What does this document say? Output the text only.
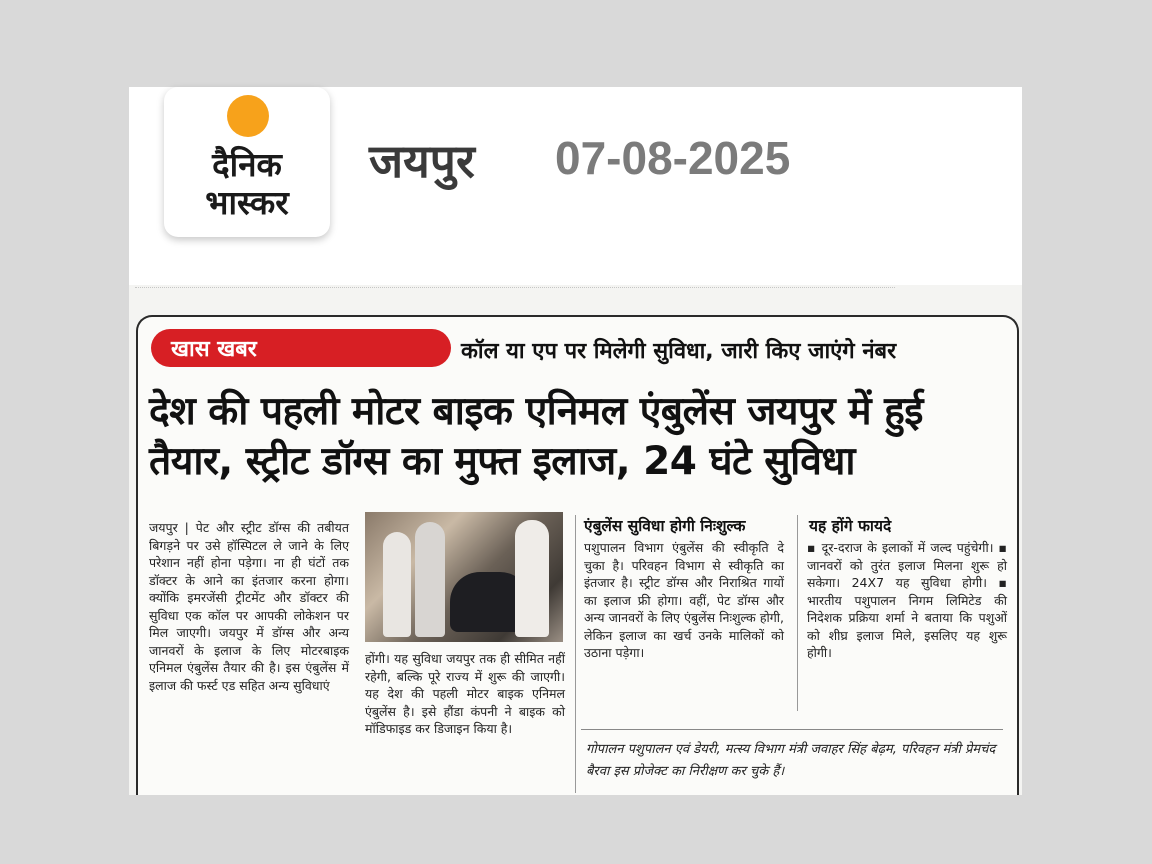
दैनिक
भास्कर
जयपुर 07-08-2025
खास खबर	कॉल या एप पर मिलेगी सुविधा, जारी किए जाएंगे नंबर
देश की पहली मोटर बाइक एनिमल एंबुलेंस जयपुर में हुई तैयार, स्ट्रीट डॉग्स का मुफ्त इलाज, 24 घंटे सुविधा
जयपुर | पेट और स्ट्रीट डॉग्स की तबीयत बिगड़ने पर उसे हॉस्पिटल ले जाने के लिए परेशान नहीं होना पड़ेगा। ना ही घंटों तक डॉक्टर के आने का इंतजार करना होगा। क्योंकि इमरजेंसी ट्रीटमेंट और डॉक्टर की सुविधा एक कॉल पर आपकी लोकेशन पर मिल जाएगी। जयपुर में डॉग्स और अन्य जानवरों के इलाज के लिए मोटरबाइक एनिमल एंबुलेंस तैयार की है। इस एंबुलेंस में इलाज की फर्स्ट एड सहित अन्य सुविधाएं
होंगी। यह सुविधा जयपुर तक ही सीमित नहीं रहेगी, बल्कि पूरे राज्य में शुरू की जाएगी। यह देश की पहली मोटर बाइक एनिमल एंबुलेंस है। इसे हौंडा कंपनी ने बाइक को मॉडिफाइड कर डिजाइन किया है।
एंबुलेंस सुविधा होगी निःशुल्क
पशुपालन विभाग एंबुलेंस की स्वीकृति दे चुका है। परिवहन विभाग से स्वीकृति का इंतजार है। स्ट्रीट डॉग्स और निराश्रित गायों का इलाज फ्री होगा। वहीं, पेट डॉग्स और अन्य जानवरों के लिए एंबुलेंस निःशुल्क होगी, लेकिन इलाज का खर्च उनके मालिकों को उठाना पड़ेगा।
यह होंगे फायदे
▪ दूर-दराज के इलाकों में जल्द पहुंचेगी। ▪ जानवरों को तुरंत इलाज मिलना शुरू हो सकेगा। 24X7 यह सुविधा होगी। ▪ भारतीय पशुपालन निगम लिमिटेड की निदेशक प्रक्रिया शर्मा ने बताया कि पशुओं को शीघ्र इलाज मिले, इसलिए यह शुरू होगी।
गोपालन पशुपालन एवं डेयरी, मत्स्य विभाग मंत्री जवाहर सिंह बेढ़म, परिवहन मंत्री प्रेमचंद बैरवा इस प्रोजेक्ट का निरीक्षण कर चुके हैं।
